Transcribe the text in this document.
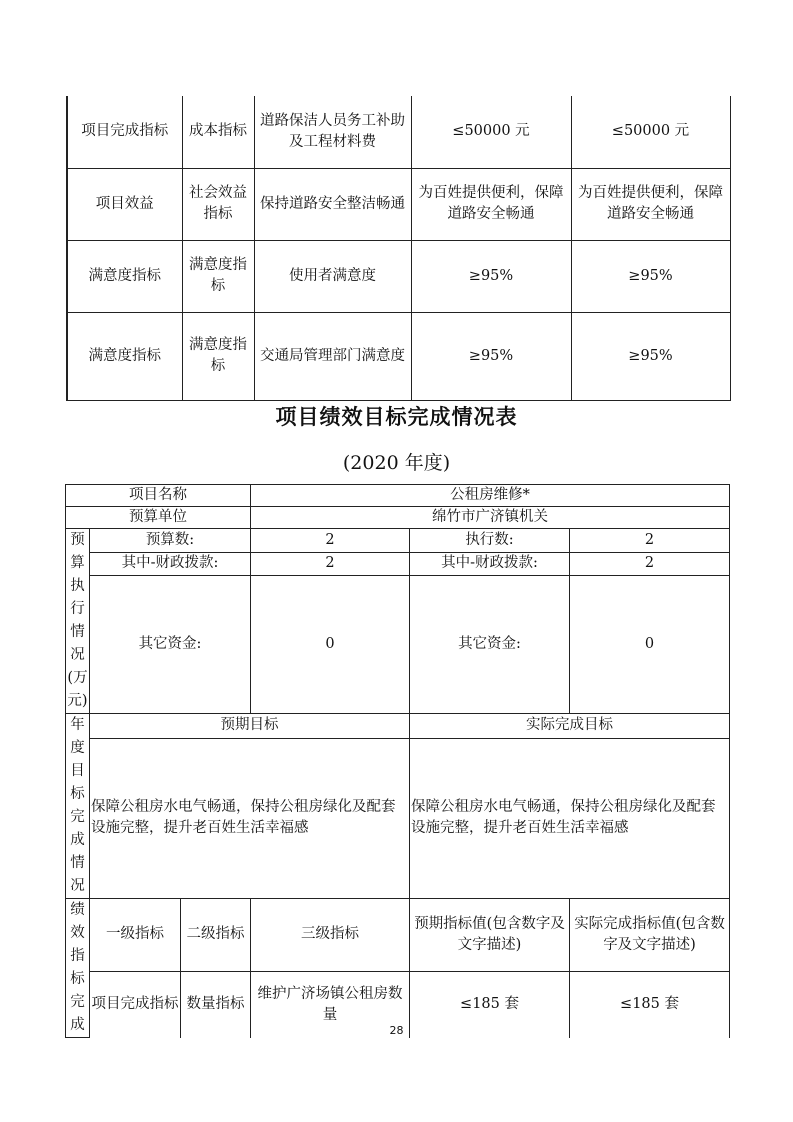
项目完成指标	成本指标	道路保洁人员务工补助及工程材料费	≤50000 元	≤50000 元
项目效益	社会效益指标	保持道路安全整洁畅通	为百姓提供便利，保障道路安全畅通	为百姓提供便利，保障道路安全畅通
满意度指标	满意度指标	使用者满意度	≥95%	≥95%
满意度指标	满意度指标	交通局管理部门满意度	≥95%	≥95%
项目绩效目标完成情况表
(2020 年度)
项目名称			公租房维修*		
预算单位			绵竹市广济镇机关		
预算执行情况(万元)	预算数:		2	执行数:	2
	其中-财政拨款:		2	其中-财政拨款:	2
	其它资金:		0	其它资金:	0
年度目标完成情况	预期目标			实际完成目标	
	保障公租房水电气畅通，保持公租房绿化及配套设施完整，提升老百姓生活幸福感			保障公租房水电气畅通，保持公租房绿化及配套设施完整，提升老百姓生活幸福感	
绩效指标完成	一级指标	二级指标	三级指标	预期指标值(包含数字及文字描述)	实际完成指标值(包含数字及文字描述)
	项目完成指标	数量指标	维护广济场镇公租房数量	≤185 套	≤185 套
28
